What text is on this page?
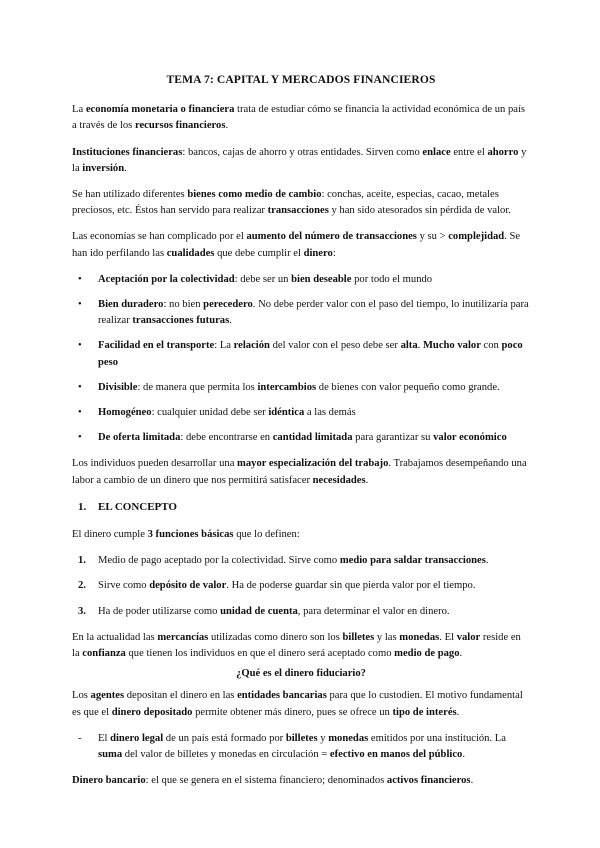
TEMA 7: CAPITAL Y MERCADOS FINANCIEROS

La economía monetaria o financiera trata de estudiar cómo se financia la actividad económica de un país a través de los recursos financieros.

Instituciones financieras: bancos, cajas de ahorro y otras entidades. Sirven como enlace entre el ahorro y la inversión.

Se han utilizado diferentes bienes como medio de cambio: conchas, aceite, especias, cacao, metales preciosos, etc. Éstos han servido para realizar transacciones y han sido atesorados sin pérdida de valor.

Las economías se han complicado por el aumento del número de transacciones y su > complejidad. Se han ido perfilando las cualidades que debe cumplir el dinero:

• Aceptación por la colectividad: debe ser un bien deseable por todo el mundo
• Bien duradero: no bien perecedero. No debe perder valor con el paso del tiempo, lo inutilizaría para realizar transacciones futuras.
• Facilidad en el transporte: La relación del valor con el peso debe ser alta. Mucho valor con poco peso
• Divisible: de manera que permita los intercambios de bienes con valor pequeño como grande.
• Homogéneo: cualquier unidad debe ser idéntica a las demás
• De oferta limitada: debe encontrarse en cantidad limitada para garantizar su valor económico

Los individuos pueden desarrollar una mayor especialización del trabajo. Trabajamos desempeñando una labor a cambio de un dinero que nos permitirá satisfacer necesidades.

1. EL CONCEPTO

El dinero cumple 3 funciones básicas que lo definen:

1. Medio de pago aceptado por la colectividad. Sirve como medio para saldar transacciones.
2. Sirve como depósito de valor. Ha de poderse guardar sin que pierda valor por el tiempo.
3. Ha de poder utilizarse como unidad de cuenta, para determinar el valor en dinero.

En la actualidad las mercancías utilizadas como dinero son los billetes y las monedas. El valor reside en la confianza que tienen los individuos en que el dinero será aceptado como medio de pago.

¿Qué es el dinero fiduciario?

Los agentes depositan el dinero en las entidades bancarias para que lo custodien. El motivo fundamental es que el dinero depositado permite obtener más dinero, pues se ofrece un tipo de interés.

- El dinero legal de un país está formado por billetes y monedas emitidos por una institución. La suma del valor de billetes y monedas en circulación = efectivo en manos del público.

Dinero bancario: el que se genera en el sistema financiero; denominados activos financieros.
